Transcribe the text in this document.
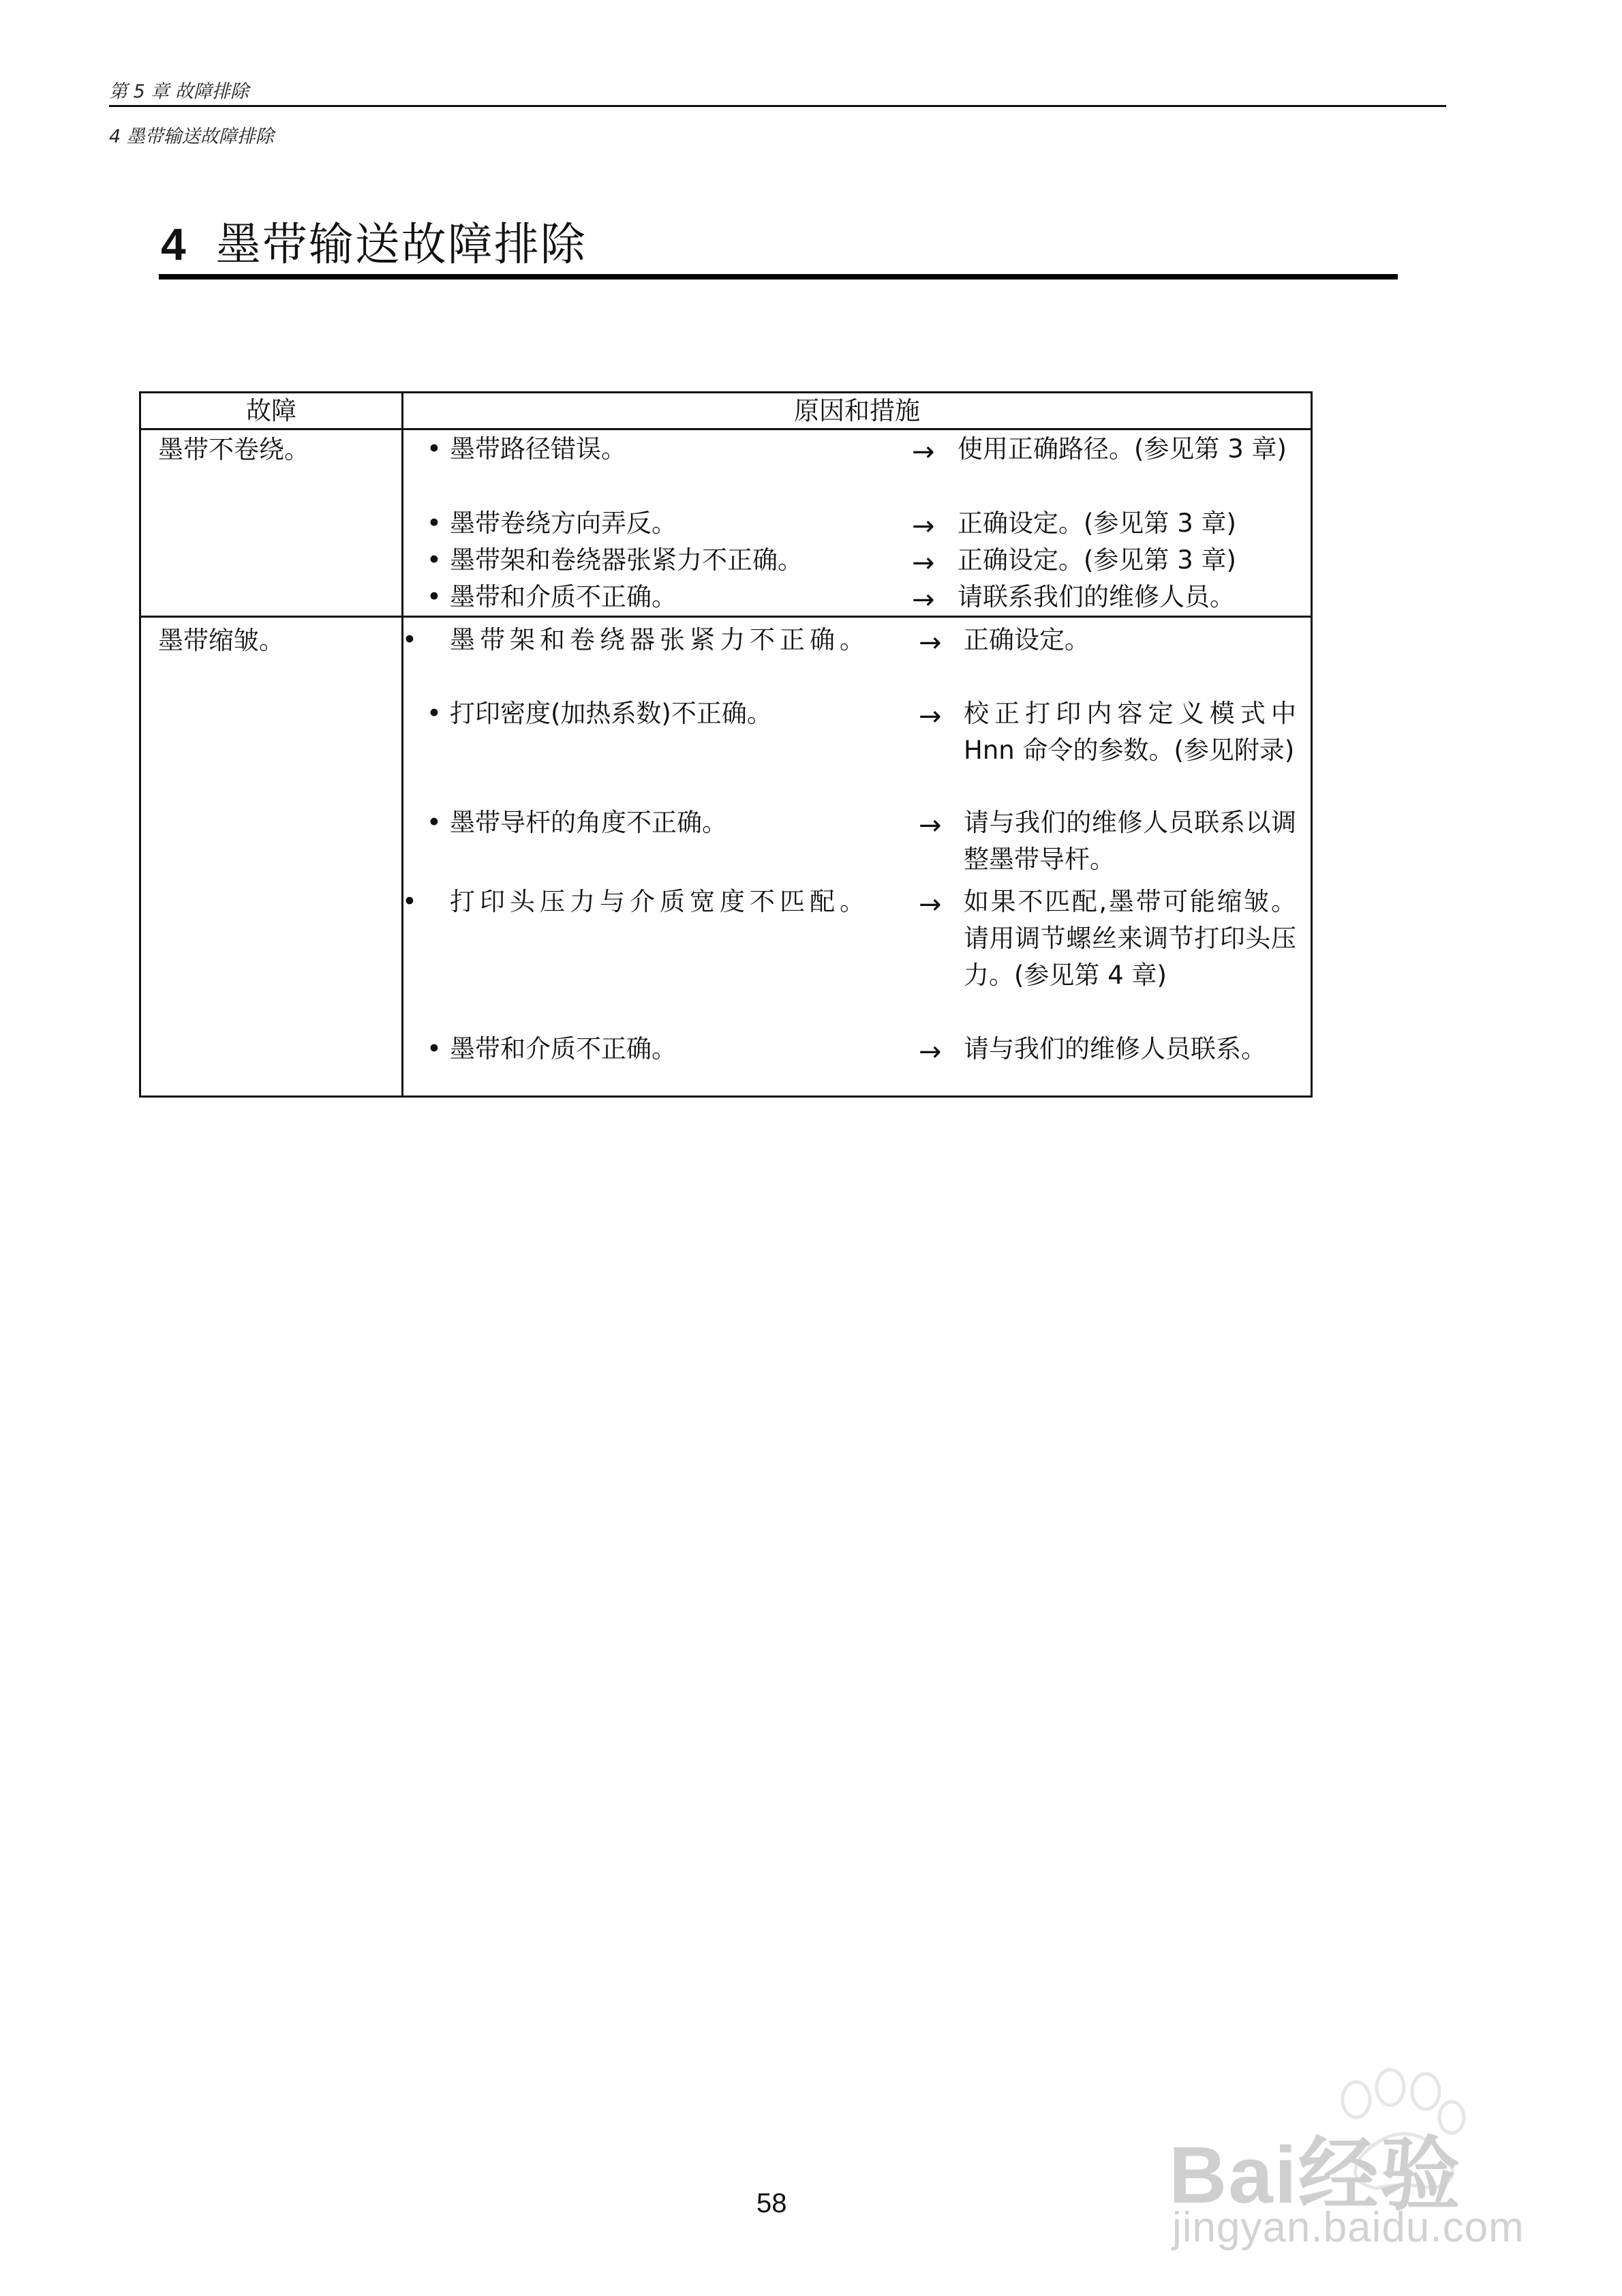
第 5 章 故障排除
4 墨带输送故障排除
4 墨带输送故障排除
故障	原因和措施
墨带不卷绕。	• 墨带路径错误。	→ 使用正确路径。(参见第 3 章)
• 墨带卷绕方向弄反。	→ 正确设定。(参见第 3 章)
• 墨带架和卷绕器张紧力不正确。	→ 正确设定。(参见第 3 章)
• 墨带和介质不正确。	→ 请联系我们的维修人员。
墨带缩皱。	• 墨带架和卷绕器张紧力不正确。 → 正确设定。
• 打印密度(加热系数)不正确。	→ 校正打印内容定义模式中 Hnn 命令的参数。(参见附录)
• 墨带导杆的角度不正确。	→ 请与我们的维修人员联系以调整墨带导杆。
• 打印头压力与介质宽度不匹配。 → 如果不匹配,墨带可能缩皱。请用调节螺丝来调节打印头压力。(参见第 4 章)
• 墨带和介质不正确。	→ 请与我们的维修人员联系。
58	Bai经验
jingyan.baidu.com
